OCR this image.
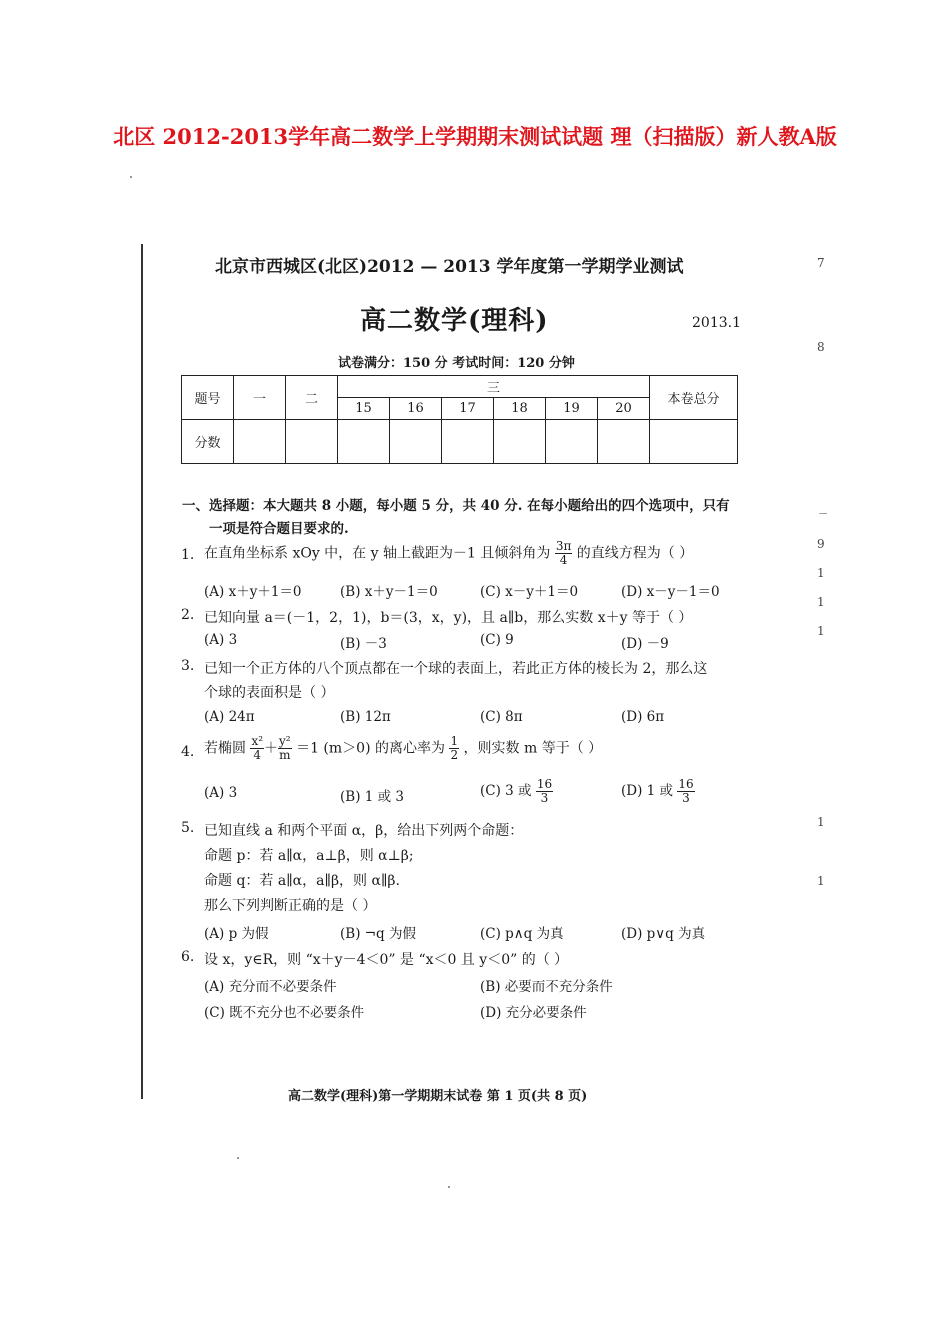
北区 2012-2013学年高二数学上学期期末测试试题 理（扫描版）新人教A版
北京市西城区(北区)2012 — 2013 学年度第一学期学业测试
高二数学(理科)	2013.1
试卷满分：150 分 考试时间：120 分钟
题号	一	二	三						本卷总分
			15	16	17	18	19	20	
分数									
一、选择题：本大题共 8 小题，每小题 5 分，共 40 分. 在每小题给出的四个选项中，只有
一项是符合题目要求的.
1. 在直角坐标系 xOy 中，在 y 轴上截距为－1 且倾斜角为 $\frac{3\pi}{4}$ 的直线方程为（ ）
(A) x＋y＋1＝0	(B) x＋y－1＝0	(C) x－y＋1＝0	(D) x－y－1＝0
2. 已知向量 a＝(－1，2，1)，b＝(3，x，y)，且 a∥b，那么实数 x＋y 等于（ ）
(A) 3	(B) －3	(C) 9	(D) －9
3. 已知一个正方体的八个顶点都在一个球的表面上，若此正方体的棱长为 2，那么这
个球的表面积是（ ）
(A) 24π	(B) 12π	(C) 8π	(D) 6π
4. 若椭圆 $\frac{\text{x²}}{4} + \frac{\text{y²}}{m} =1$ (m＞0) 的离心率为 $\frac{1}{2}$ ，则实数 m 等于（ ）
(A) 3	(B) 1 或 3	(C) 3 或 $\frac{16}{3}$	(D) 1 或 $\frac{16}{3}$
5. 已知直线 a 和两个平面 α，β，给出下列两个命题：
命题 p：若 a∥α，a⊥β，则 α⊥β;
命题 q：若 a∥α，a∥β，则 α∥β.
那么下列判断正确的是（ ）
(A) p 为假	(B) ¬q 为假	(C) p∧q 为真	(D) p∨q 为真
6. 设 x，y∈R，则 “x＋y－4＜0” 是 “x＜0 且 y＜0” 的（ ）
(A) 充分而不必要条件	(B) 必要而不充分条件
(C) 既不充分也不必要条件	(D) 充分必要条件
高二数学(理科)第一学期期末试卷 第 1 页(共 8 页)
7
8
ㄧ
9
1
1
1
1
1
